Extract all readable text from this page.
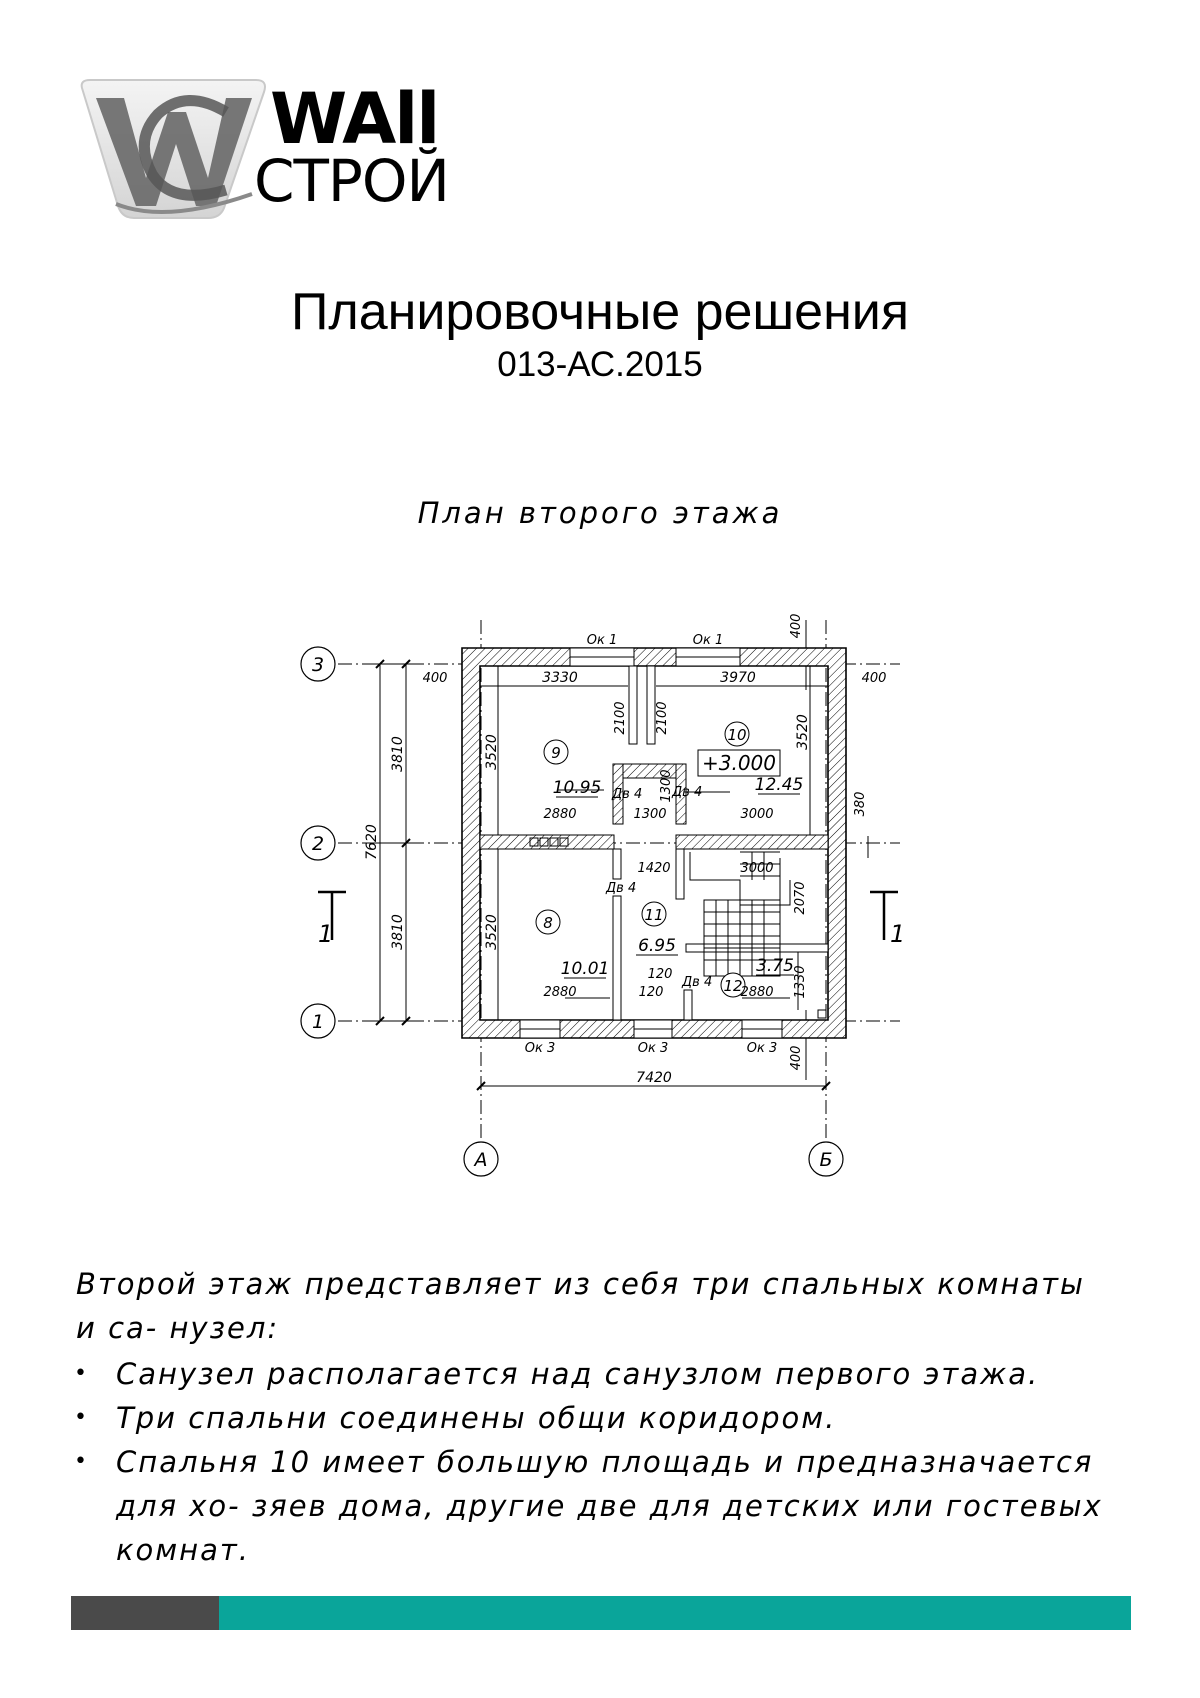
WAll
СТРОЙ
Планировочные решения
013-АС.2015
План второго этажа
3
2
1
А	Б
1	1
Ок 1	Ок 1
Ок 3	Ок 3	Ок 3
Дв 4 Дв 4
Дв 4
Дв 4
+3.000
9
10
8	11
12
10.95	12.45
10.01
6.95
3.75
7420
7620
3810
3810
400	400
400
400
3330	3970
3520
3520
3520
2100 2100
1300
1300
2880	3000
1420	3000
2070
2880	2880 1330
120
120
380

Второй этаж представляет из себя три спальных комнаты и са- нузел:

• Санузел располагается над санузлом первого этажа.
• Три спальни соединены общи коридором.
• Спальня 10 имеет большую площадь и предназначается для хо- зяев дома, другие две для детских или гостевых комнат.
